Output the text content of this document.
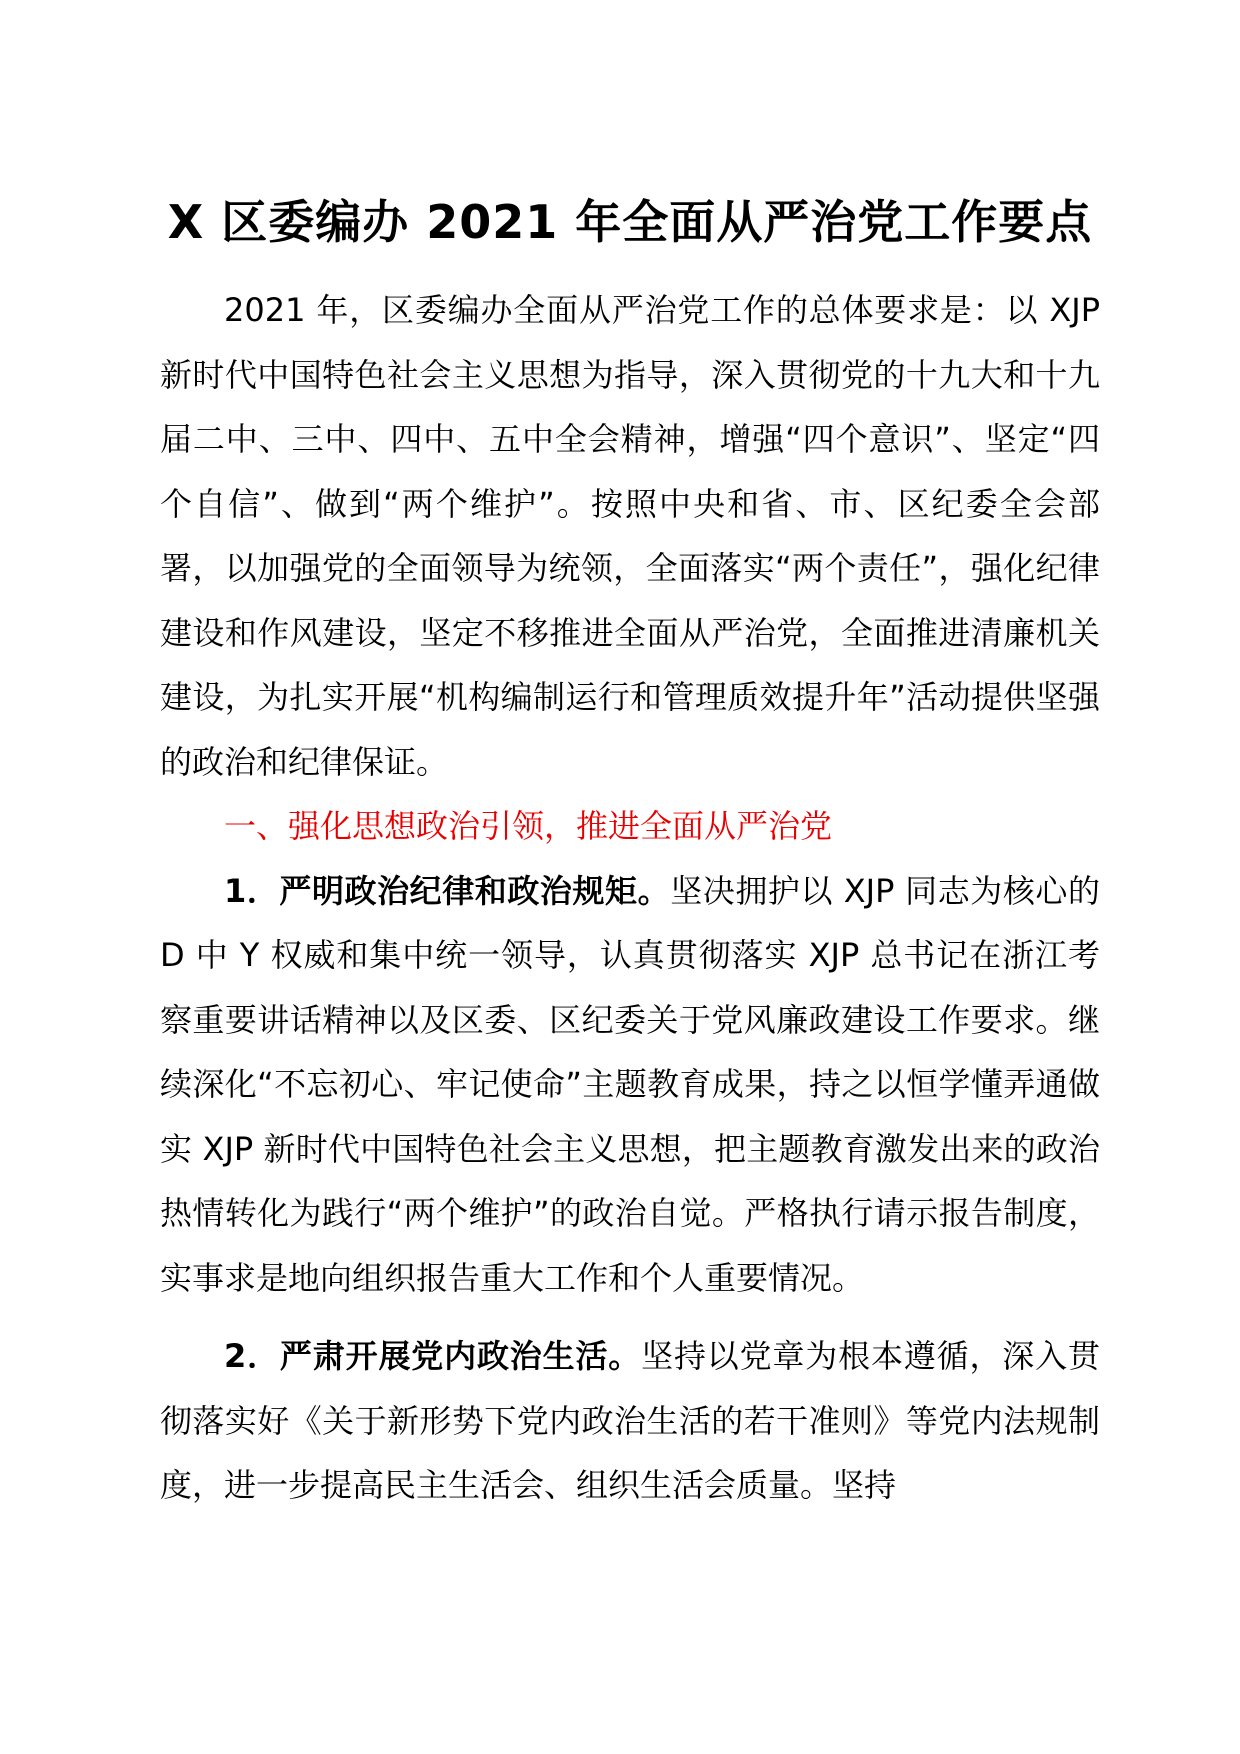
X 区委编办 2021 年全面从严治党工作要点

2021 年，区委编办全面从严治党工作的总体要求是：以 XJP 新时代中国特色社会主义思想为指导，深入贯彻党的十九大和十九届二中、三中、四中、五中全会精神，增强“四个意识”、坚定“四个自信”、做到“两个维护”。按照中央和省、市、区纪委全会部署，以加强党的全面领导为统领，全面落实“两个责任”，强化纪律建设和作风建设，坚定不移推进全面从严治党，全面推进清廉机关建设，为扎实开展“机构编制运行和管理质效提升年”活动提供坚强的政治和纪律保证。

一、强化思想政治引领，推进全面从严治党

1．严明政治纪律和政治规矩。坚决拥护以 XJP 同志为核心的 D 中 Y 权威和集中统一领导，认真贯彻落实 XJP 总书记在浙江考察重要讲话精神以及区委、区纪委关于党风廉政建设工作要求。继续深化“不忘初心、牢记使命”主题教育成果，持之以恒学懂弄通做实 XJP 新时代中国特色社会主义思想，把主题教育激发出来的政治热情转化为践行“两个维护”的政治自觉。严格执行请示报告制度，实事求是地向组织报告重大工作和个人重要情况。

2．严肃开展党内政治生活。坚持以党章为根本遵循，深入贯彻落实好《关于新形势下党内政治生活的若干准则》等党内法规制度，进一步提高民主生活会、组织生活会质量。坚持
